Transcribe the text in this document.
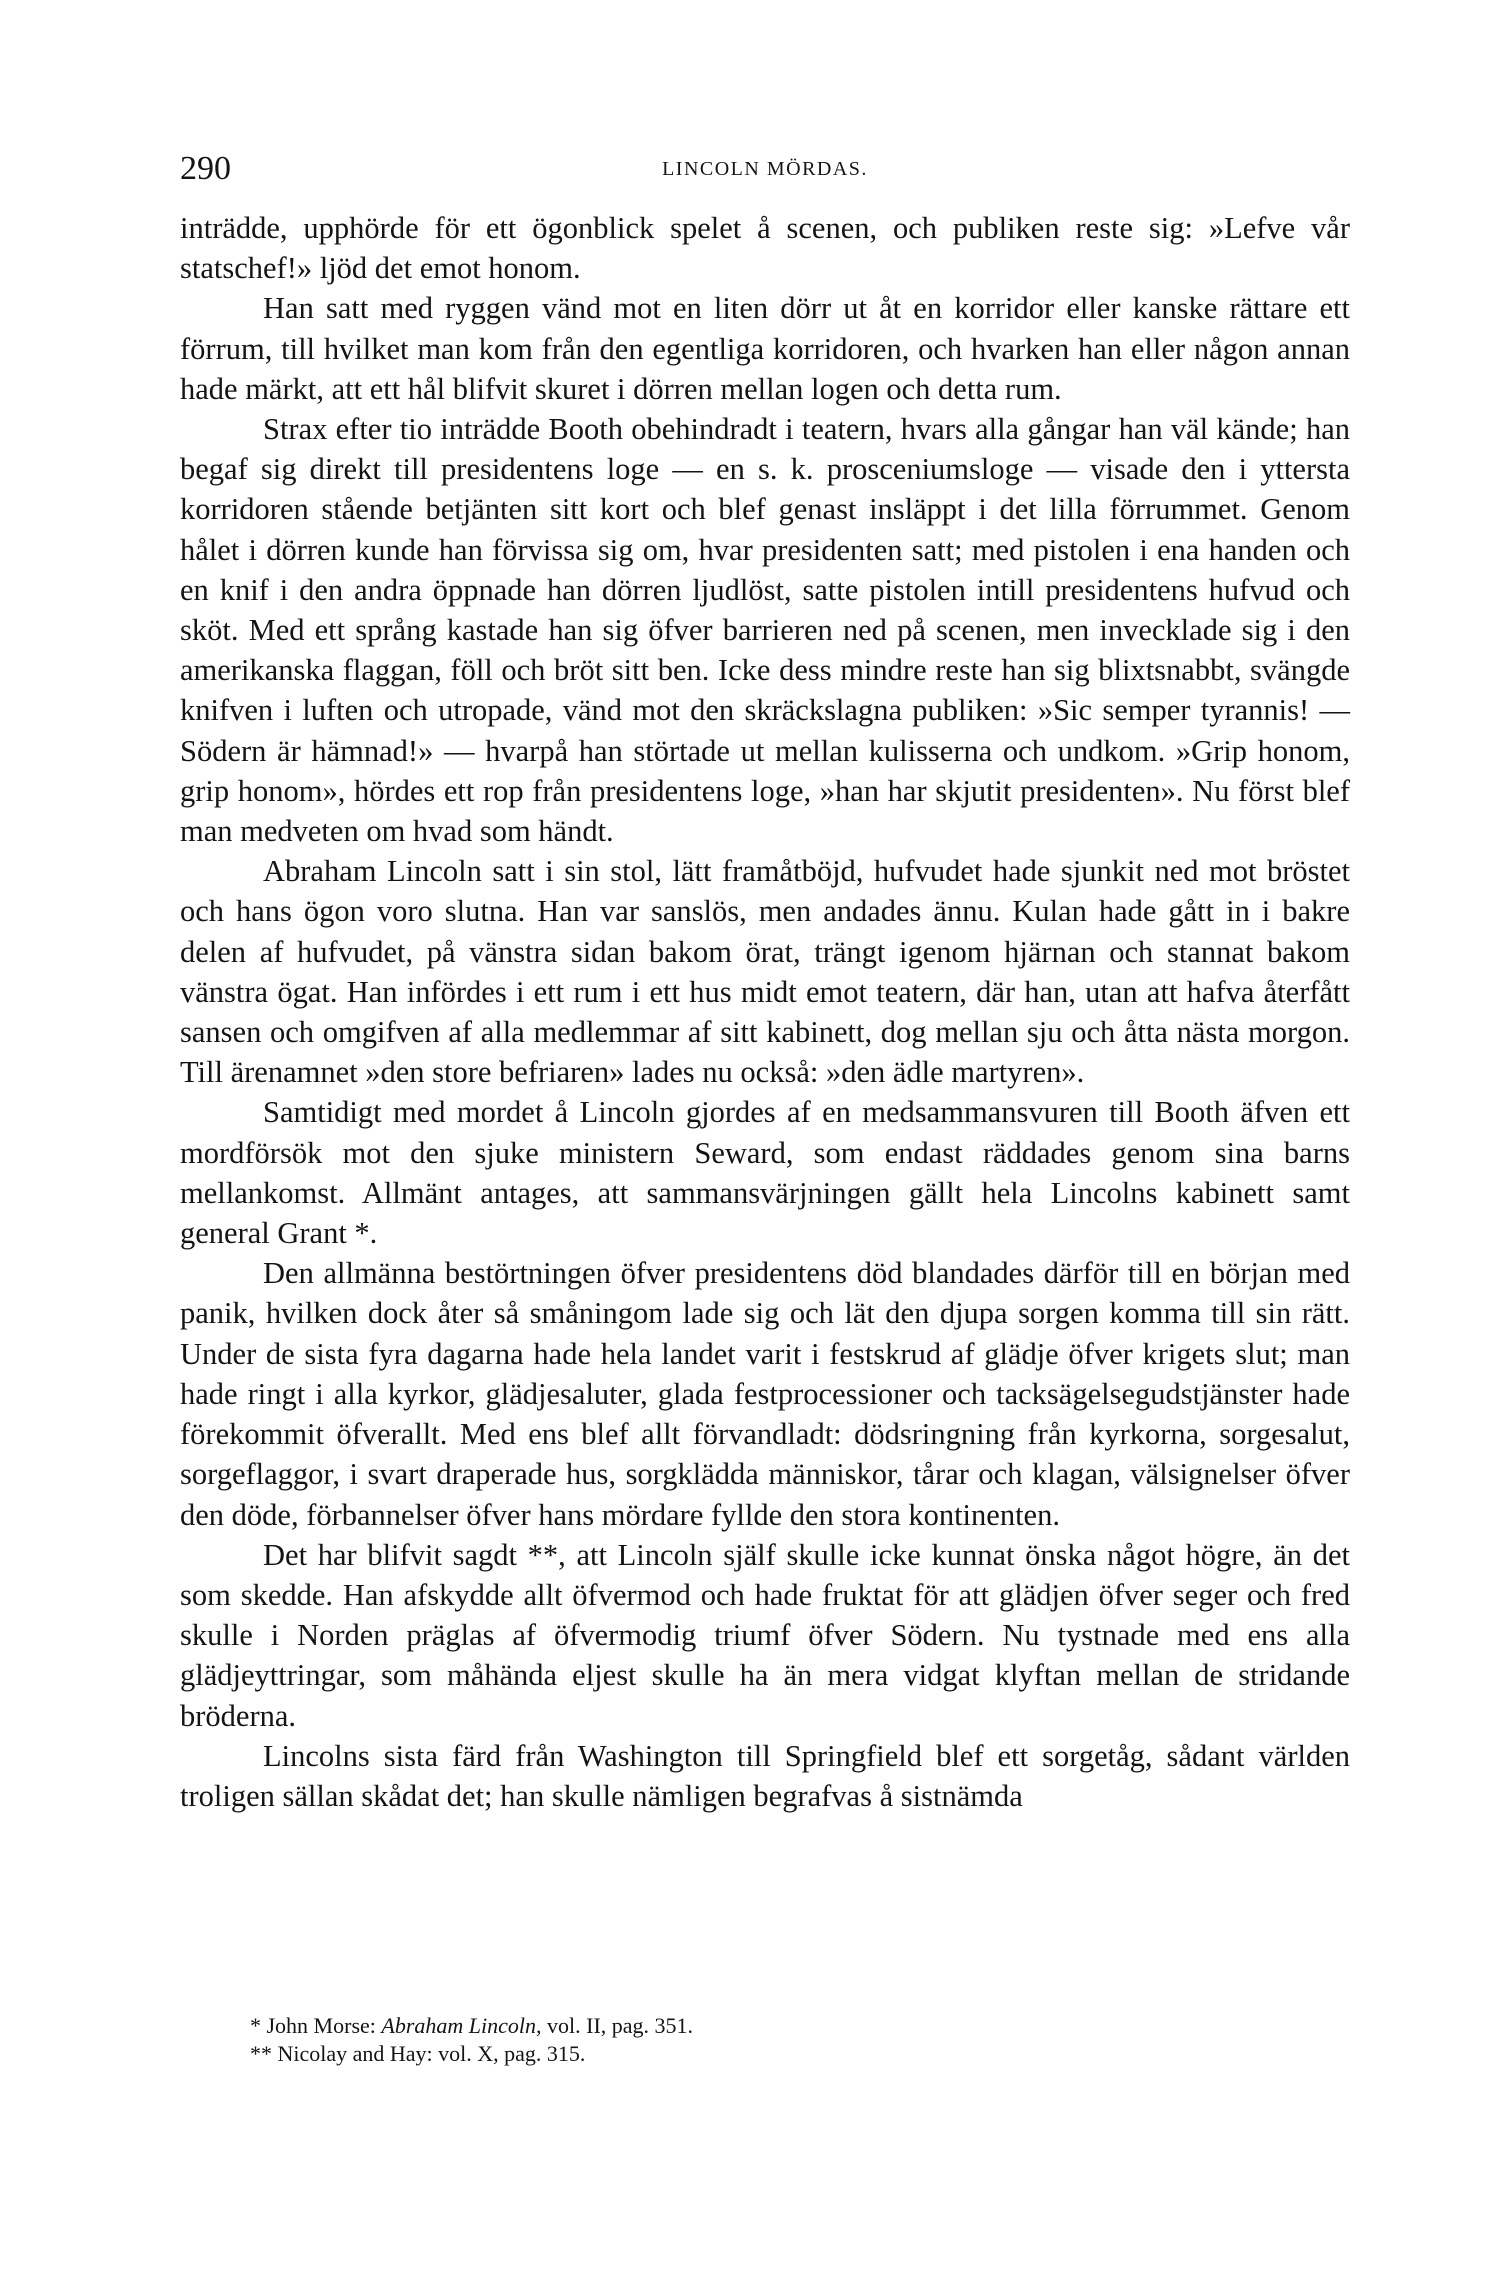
290	LINCOLN MÖRDAS.

inträdde, upphörde för ett ögonblick spelet å scenen, och publiken reste sig: »Lefve vår statschef!» ljöd det emot honom.

Han satt med ryggen vänd mot en liten dörr ut åt en korridor eller kanske rättare ett förrum, till hvilket man kom från den egentliga korridoren, och hvarken han eller någon annan hade märkt, att ett hål blifvit skuret i dörren mellan logen och detta rum.

Strax efter tio inträdde Booth obehindradt i teatern, hvars alla gångar han väl kände; han begaf sig direkt till presidentens loge — en s. k. prosceniumsloge — visade den i yttersta korridoren stående betjänten sitt kort och blef genast insläppt i det lilla förrummet. Genom hålet i dörren kunde han förvissa sig om, hvar presidenten satt; med pistolen i ena handen och en knif i den andra öppnade han dörren ljudlöst, satte pistolen intill presidentens hufvud och sköt. Med ett språng kastade han sig öfver barrieren ned på scenen, men invecklade sig i den amerikanska flaggan, föll och bröt sitt ben. Icke dess mindre reste han sig blixtsnabbt, svängde knifven i luften och utropade, vänd mot den skräckslagna publiken: »Sic semper tyrannis! — Södern är hämnad!» — hvarpå han störtade ut mellan kulisserna och undkom. »Grip honom, grip honom», hördes ett rop från presidentens loge, »han har skjutit presidenten». Nu först blef man medveten om hvad som händt.

Abraham Lincoln satt i sin stol, lätt framåtböjd, hufvudet hade sjunkit ned mot bröstet och hans ögon voro slutna. Han var sanslös, men andades ännu. Kulan hade gått in i bakre delen af hufvudet, på vänstra sidan bakom örat, trängt igenom hjärnan och stannat bakom vänstra ögat. Han infördes i ett rum i ett hus midt emot teatern, där han, utan att hafva återfått sansen och omgifven af alla medlemmar af sitt kabinett, dog mellan sju och åtta nästa morgon. Till ärenamnet »den store befriaren» lades nu också: »den ädle martyren».

Samtidigt med mordet å Lincoln gjordes af en medsammansvuren till Booth äfven ett mordförsök mot den sjuke ministern Seward, som endast räddades genom sina barns mellankomst. Allmänt antages, att sammansvärjningen gällt hela Lincolns kabinett samt general Grant *.

Den allmänna bestörtningen öfver presidentens död blandades därför till en början med panik, hvilken dock åter så småningom lade sig och lät den djupa sorgen komma till sin rätt. Under de sista fyra dagarna hade hela landet varit i festskrud af glädje öfver krigets slut; man hade ringt i alla kyrkor, glädjesaluter, glada festprocessioner och tacksägelsegudstjänster hade förekommit öfverallt. Med ens blef allt förvandladt: dödsringning från kyrkorna, sorgesalut, sorgeflaggor, i svart draperade hus, sorgklädda människor, tårar och klagan, välsignelser öfver den döde, förbannelser öfver hans mördare fyllde den stora kontinenten.

Det har blifvit sagdt **, att Lincoln själf skulle icke kunnat önska något högre, än det som skedde. Han afskydde allt öfvermod och hade fruktat för att glädjen öfver seger och fred skulle i Norden präglas af öfvermodig triumf öfver Södern. Nu tystnade med ens alla glädjeyttringar, som måhända eljest skulle ha än mera vidgat klyftan mellan de stridande bröderna.

Lincolns sista färd från Washington till Springfield blef ett sorgetåg, sådant världen troligen sällan skådat det; han skulle nämligen begrafvas å sistnämda

* John Morse: Abraham Lincoln, vol. II, pag. 351.
** Nicolay and Hay: vol. X, pag. 315.
